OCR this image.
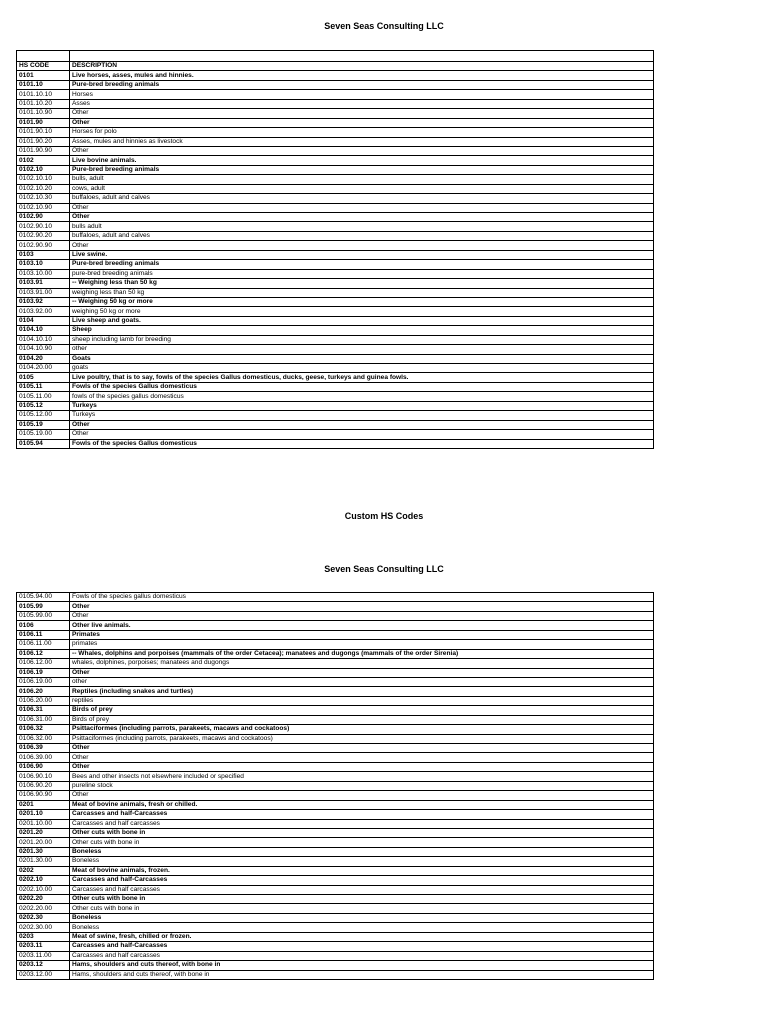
Seven Seas Consulting LLC

HS CODE	DESCRIPTION
0101	Live horses, asses, mules and hinnies.
0101.10	Pure-bred breeding animals
0101.10.10	Horses
0101.10.20	Asses
0101.10.90	Other
0101.90	Other
0101.90.10	Horses for polo
0101.90.20	Asses, mules and hinnies as livestock
0101.90.90	Other
0102	Live bovine animals.
0102.10	Pure-bred breeding animals
0102.10.10	bulls, adult
0102.10.20	cows, adult
0102.10.30	buffaloes, adult and calves
0102.10.90	Other
0102.90	Other
0102.90.10	bulls adult
0102.90.20	buffaloes, adult and calves
0102.90.90	Other
0103	Live swine.
0103.10	Pure-bred breeding animals
0103.10.00	pure-bred breeding animals
0103.91	-- Weighing less than 50 kg
0103.91.00	weighing less than 50 kg
0103.92	-- Weighing 50 kg or more
0103.92.00	weighing 50 kg or more
0104	Live sheep and goats.
0104.10	Sheep
0104.10.10	sheep including lamb for breeding
0104.10.90	other
0104.20	Goats
0104.20.00	goats
0105	Live poultry, that is to say, fowls of the species Gallus domesticus, ducks, geese, turkeys and guinea fowls.
0105.11	Fowls of the species Gallus domesticus
0105.11.00	fowls of the species gallus domesticus
0105.12	Turkeys
0105.12.00	Turkeys
0105.19	Other
0105.19.00	Other
0105.94	Fowls of the species Gallus domesticus
Custom HS Codes
Seven Seas Consulting LLC
0105.94.00	Fowls of the species gallus domesticus
0105.99	Other
0105.99.00	Other
0106	Other live animals.
0106.11	Primates
0106.11.00	primates
0106.12	-- Whales, dolphins and porpoises (mammals of the order Cetacea); manatees and dugongs (mammals of the order Sirenia)
0106.12.00	whales, dolphines, porpoises; manatees and dugongs
0106.19	Other
0106.19.00	other
0106.20	Reptiles (including snakes and turtles)
0106.20.00	reptiles
0106.31	Birds of prey
0106.31.00	Birds of prey
0106.32	Psittaciformes (including parrots, parakeets, macaws and cockatoos)
0106.32.00	Psittaciformes (including parrots, parakeets, macaws and cockatoos)
0106.39	Other
0106.39.00	Other
0106.90	Other
0106.90.10	Bees and other insects not elsewhere included or specified
0106.90.20	pureline stock
0106.90.90	Other
0201	Meat of bovine animals, fresh or chilled.
0201.10	Carcasses and half-Carcasses
0201.10.00	Carcasses and half carcasses
0201.20	Other cuts with bone in
0201.20.00	Other cuts with bone in
0201.30	Boneless
0201.30.00	Boneless
0202	Meat of bovine animals, frozen.
0202.10	Carcasses and half-Carcasses
0202.10.00	Carcasses and half carcasses
0202.20	Other cuts with bone in
0202.20.00	Other cuts with bone in
0202.30	Boneless
0202.30.00	Boneless
0203	Meat of swine, fresh, chilled or frozen.
0203.11	Carcasses and half-Carcasses
0203.11.00	Carcasses and half carcasses
0203.12	Hams, shoulders and cuts thereof, with bone in
0203.12.00	Hams, shoulders and cuts thereof, with bone in
